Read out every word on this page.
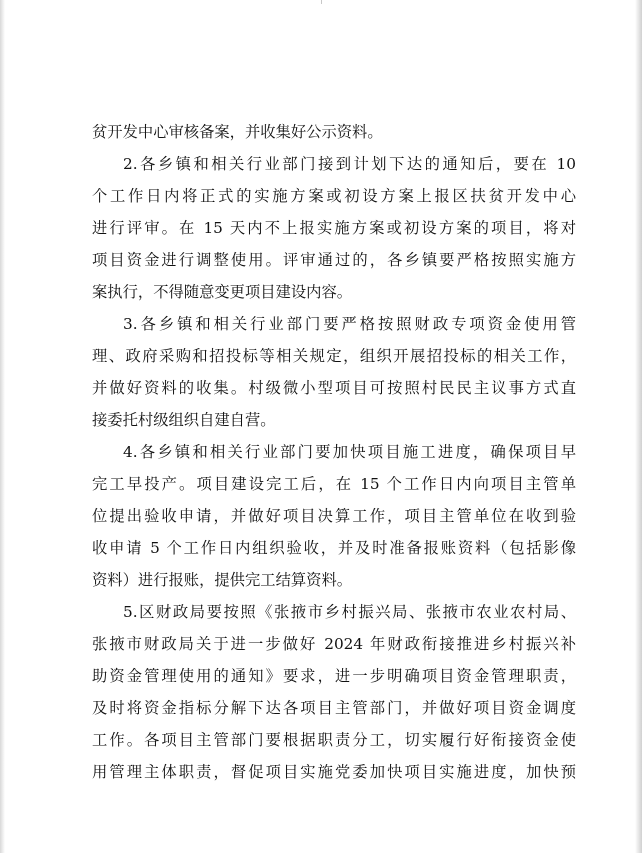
贫开发中心审核备案，并收集好公示资料。
2.各乡镇和相关行业部门接到计划下达的通知后，要在 10
个工作日内将正式的实施方案或初设方案上报区扶贫开发中心
进行评审。在 15 天内不上报实施方案或初设方案的项目，将对
项目资金进行调整使用。评审通过的，各乡镇要严格按照实施方
案执行，不得随意变更项目建设内容。
3.各乡镇和相关行业部门要严格按照财政专项资金使用管
理、政府采购和招投标等相关规定，组织开展招投标的相关工作，
并做好资料的收集。村级微小型项目可按照村民民主议事方式直
接委托村级组织自建自营。
4.各乡镇和相关行业部门要加快项目施工进度，确保项目早
完工早投产。项目建设完工后，在 15 个工作日内向项目主管单
位提出验收申请，并做好项目决算工作，项目主管单位在收到验
收申请 5 个工作日内组织验收，并及时准备报账资料（包括影像
资料）进行报账，提供完工结算资料。
5.区财政局要按照《张掖市乡村振兴局、张掖市农业农村局、
张掖市财政局关于进一步做好 2024 年财政衔接推进乡村振兴补
助资金管理使用的通知》要求，进一步明确项目资金管理职责，
及时将资金指标分解下达各项目主管部门，并做好项目资金调度
工作。各项目主管部门要根据职责分工，切实履行好衔接资金使
用管理主体职责，督促项目实施党委加快项目实施进度，加快预
